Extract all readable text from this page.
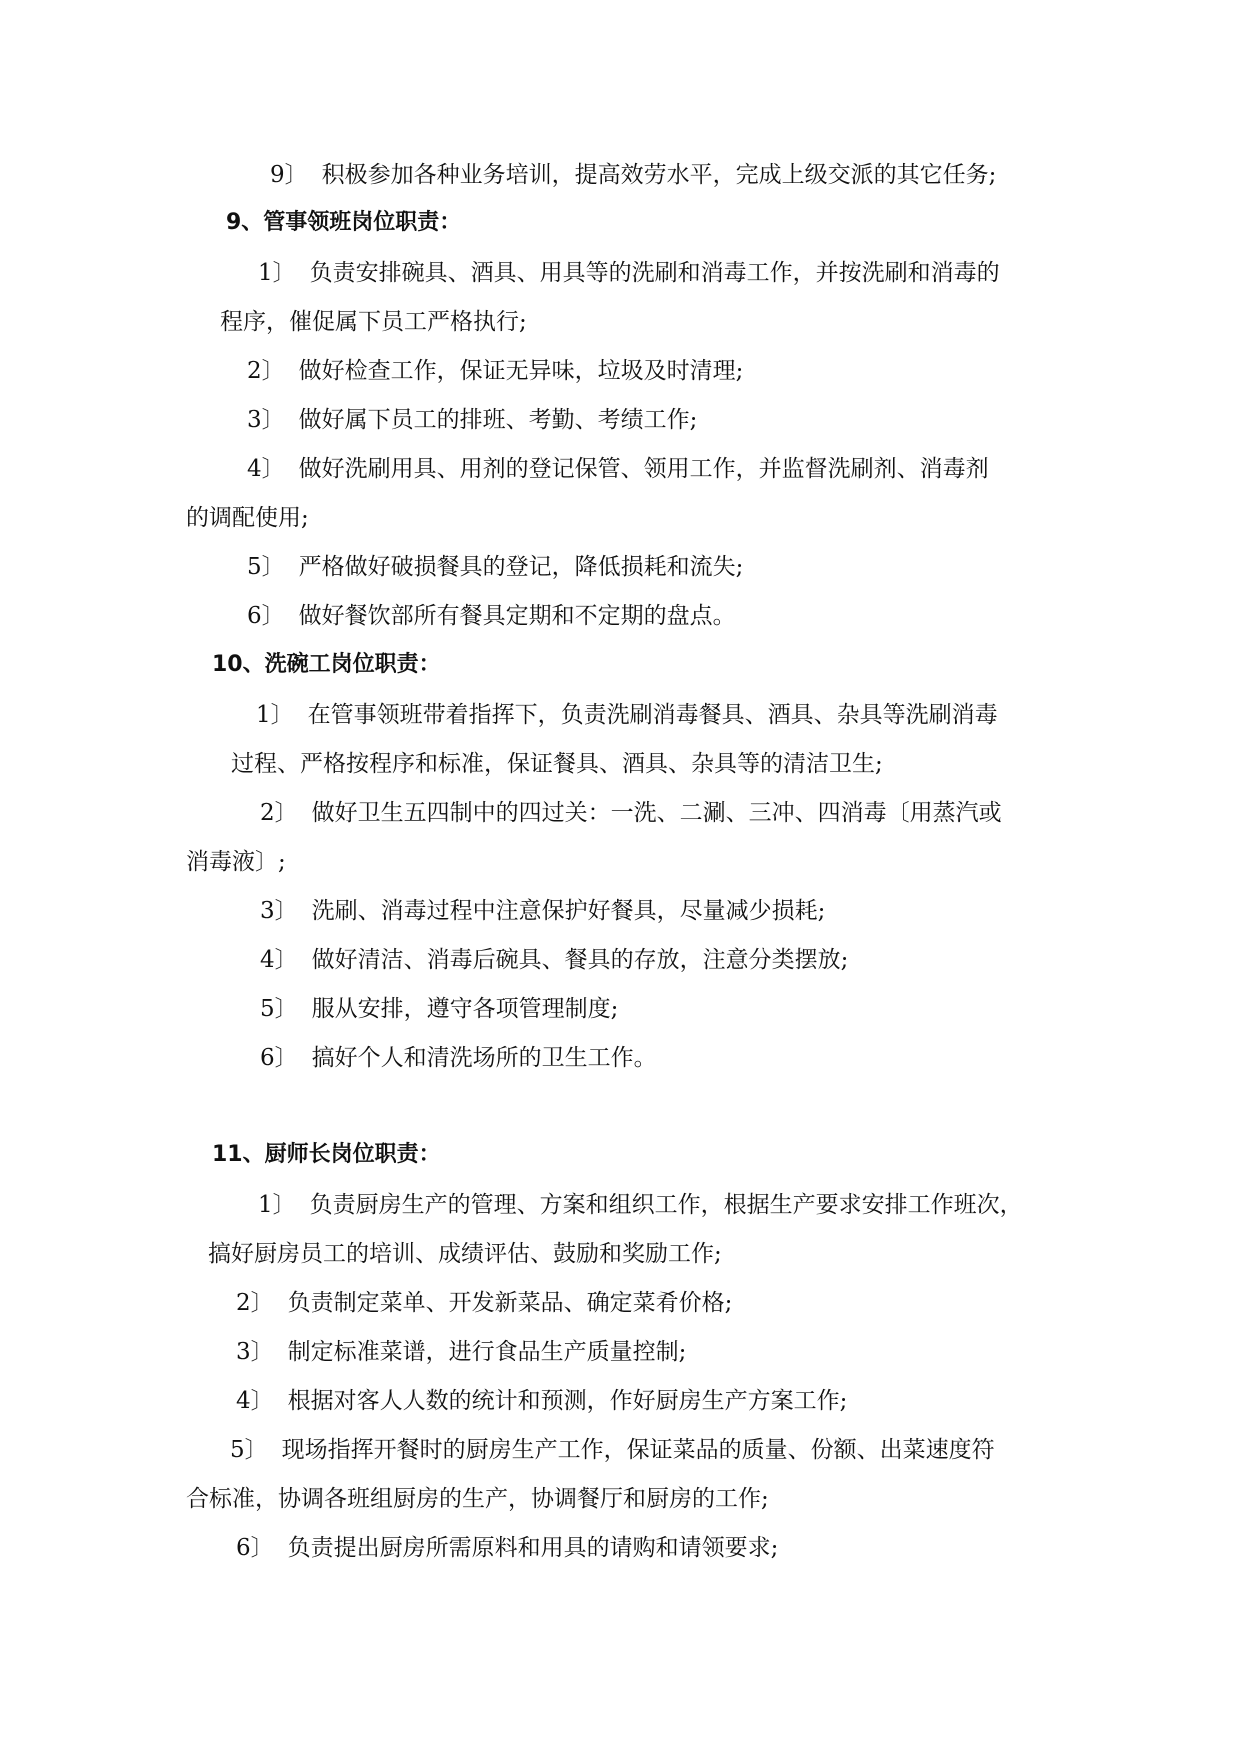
9〕 积极参加各种业务培训，提高效劳水平，完成上级交派的其它任务;
9、管事领班岗位职责：
1〕 负责安排碗具、酒具、用具等的洗刷和消毒工作，并按洗刷和消毒的
程序，催促属下员工严格执行;
2〕 做好检查工作，保证无异味，垃圾及时清理;
3〕 做好属下员工的排班、考勤、考绩工作;
4〕 做好洗刷用具、用剂的登记保管、领用工作，并监督洗刷剂、消毒剂
的调配使用;
5〕 严格做好破损餐具的登记，降低损耗和流失;
6〕 做好餐饮部所有餐具定期和不定期的盘点。
10、洗碗工岗位职责：
1〕 在管事领班带着指挥下，负责洗刷消毒餐具、酒具、杂具等洗刷消毒
过程、严格按程序和标准，保证餐具、酒具、杂具等的清洁卫生;
2〕 做好卫生五四制中的四过关：一洗、二涮、三冲、四消毒〔用蒸汽或
消毒液〕;
3〕 洗刷、消毒过程中注意保护好餐具，尽量减少损耗;
4〕 做好清洁、消毒后碗具、餐具的存放，注意分类摆放;
5〕 服从安排，遵守各项管理制度;
6〕 搞好个人和清洗场所的卫生工作。
11、厨师长岗位职责：
1〕 负责厨房生产的管理、方案和组织工作，根据生产要求安排工作班次，
搞好厨房员工的培训、成绩评估、鼓励和奖励工作;
2〕 负责制定菜单、开发新菜品、确定菜肴价格;
3〕 制定标准菜谱，进行食品生产质量控制;
4〕 根据对客人人数的统计和预测，作好厨房生产方案工作;
5〕 现场指挥开餐时的厨房生产工作，保证菜品的质量、份额、出菜速度符
合标准，协调各班组厨房的生产，协调餐厅和厨房的工作;
6〕 负责提出厨房所需原料和用具的请购和请领要求;
